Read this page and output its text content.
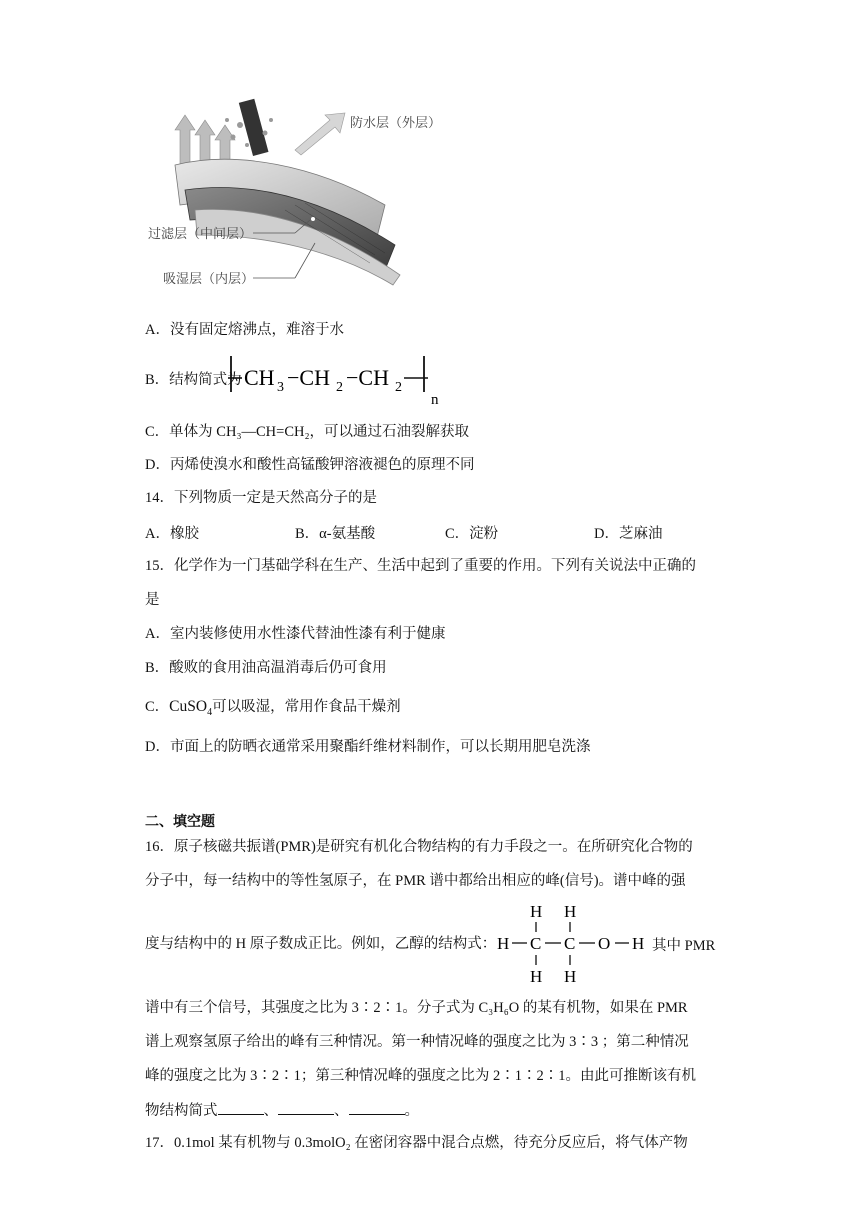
防水层（外层）
过滤层（中间层）
吸湿层（内层）
A．没有固定熔沸点，难溶于水
B．结构简式为 CH 3 −CH 2 −CH 2
n
C．单体为 CH₃—CH=CH₂，可以通过石油裂解获取
D．丙烯使溴水和酸性高锰酸钾溶液褪色的原理不同
14．下列物质一定是天然高分子的是
A．橡胶	B．α-氨基酸	C．淀粉	D．芝麻油
15．化学作为一门基础学科在生产、生活中起到了重要的作用。下列有关说法中正确的
是
A．室内装修使用水性漆代替油性漆有利于健康
B．酸败的食用油高温消毒后仍可食用
C．CuSO$_4$可以吸湿，常用作食品干燥剂
D．市面上的防晒衣通常采用聚酯纤维材料制作，可以长期用肥皂洗涤
二、填空题
16．原子核磁共振谱(PMR)是研究有机化合物结构的有力手段之一。在所研究化合物的
分子中，每一结构中的等性氢原子，在 PMR 谱中都给出相应的峰(信号)。谱中峰的强
度与结构中的 H 原子数成正比。例如，乙醇的结构式：
H H
H C C O H
H H
其中 PMR
谱中有三个信号，其强度之比为 3∶2∶1。分子式为 C₃H₆O 的某有机物，如果在 PMR
谱上观察氢原子给出的峰有三种情况。第一种情况峰的强度之比为 3∶3 ；第二种情况
峰的强度之比为 3∶2∶1；第三种情况峰的强度之比为 2∶1∶2∶1。由此可推断该有机
物结构简式	、	、	。
17．0.1mol 某有机物与 0.3molO₂ 在密闭容器中混合点燃，待充分反应后，将气体产物
